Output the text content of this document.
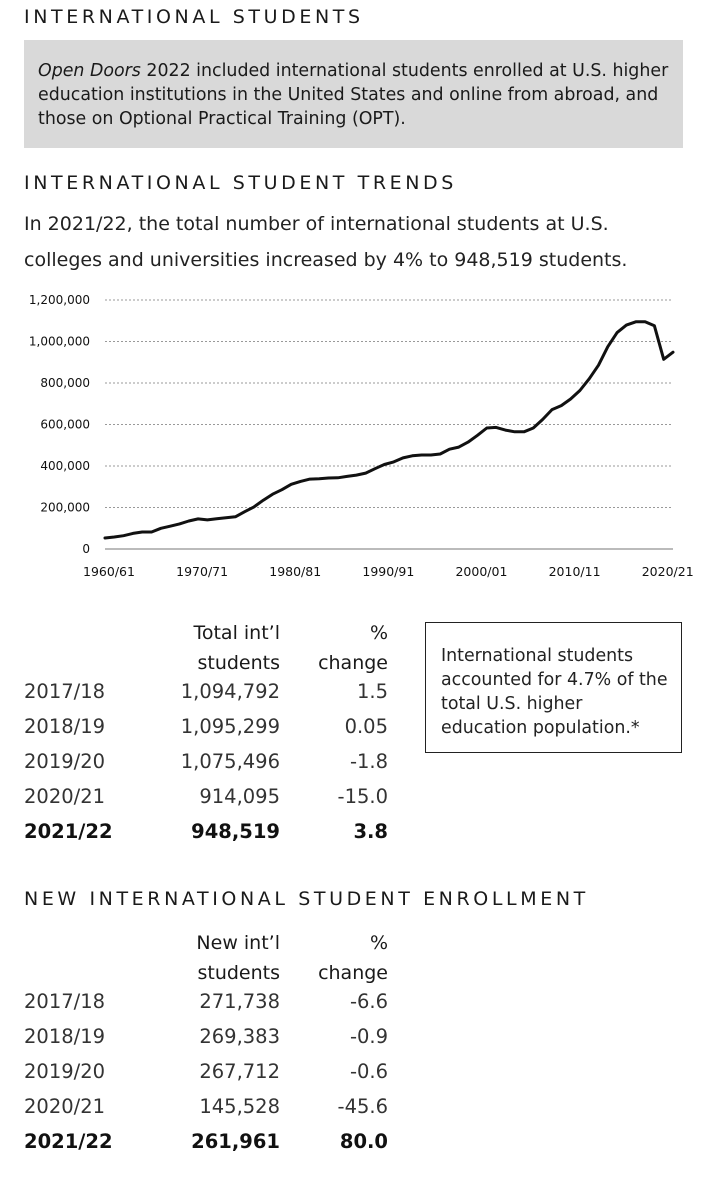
INTERNATIONAL STUDENTS
Open Doors 2022 included international students enrolled at U.S. higher education institutions in the United States and online from abroad, and those on Optional Practical Training (OPT).
INTERNATIONAL STUDENT TRENDS
In 2021/22, the total number of international students at U.S. colleges and universities increased by 4% to 948,519 students.
0
200,000
400,000
800,000
600,000
1,000,000
1,200,000
1960/61	1970/71	1980/81	1990/91	2000/01	2010/11	2020/21
Total int’l
students
%
change
2017/18	1,094,792	1.5
2018/19	1,095,299	0.05
2019/20	1,075,496	-1.8
2020/21	914,095	-15.0
2021/22	948,519	3.8
International students accounted for 4.7% of the total U.S. higher education population.*
NEW INTERNATIONAL STUDENT ENROLLMENT
New int’l
students
%
change
2017/18	271,738	-6.6
2018/19	269,383	-0.9
2019/20	267,712	-0.6
2020/21	145,528	-45.6
2021/22	261,961	80.0
